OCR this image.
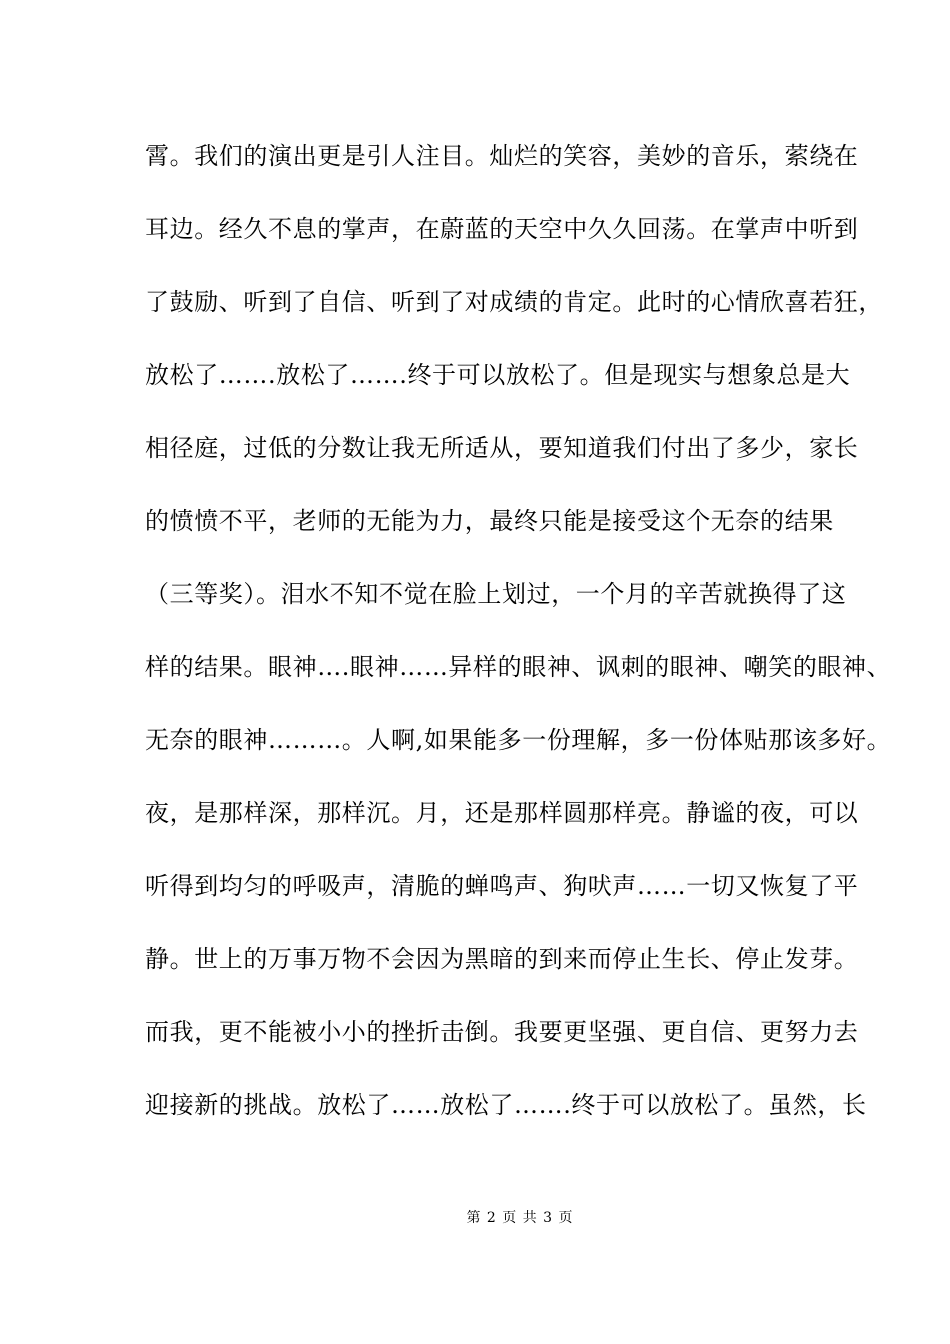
霄。我们的演出更是引人注目。灿烂的笑容，美妙的音乐，萦绕在
耳边。经久不息的掌声，在蔚蓝的天空中久久回荡。在掌声中听到
了鼓励、听到了自信、听到了对成绩的肯定。此时的心情欣喜若狂，
放松了…….放松了…….终于可以放松了。但是现实与想象总是大
相径庭，过低的分数让我无所适从，要知道我们付出了多少，家长
的愤愤不平，老师的无能为力，最终只能是接受这个无奈的结果
（三等奖）。泪水不知不觉在脸上划过，一个月的辛苦就换得了这
样的结果。眼神….眼神……异样的眼神、讽刺的眼神、嘲笑的眼神、
无奈的眼神………。人啊,如果能多一份理解，多一份体贴那该多好。
夜，是那样深，那样沉。月，还是那样圆那样亮。静谧的夜，可以
听得到均匀的呼吸声，清脆的蝉鸣声、狗吠声……一切又恢复了平
静。世上的万事万物不会因为黑暗的到来而停止生长、停止发芽。
而我，更不能被小小的挫折击倒。我要更坚强、更自信、更努力去
迎接新的挑战。放松了……放松了…….终于可以放松了。虽然，长
第 2 页 共 3 页
